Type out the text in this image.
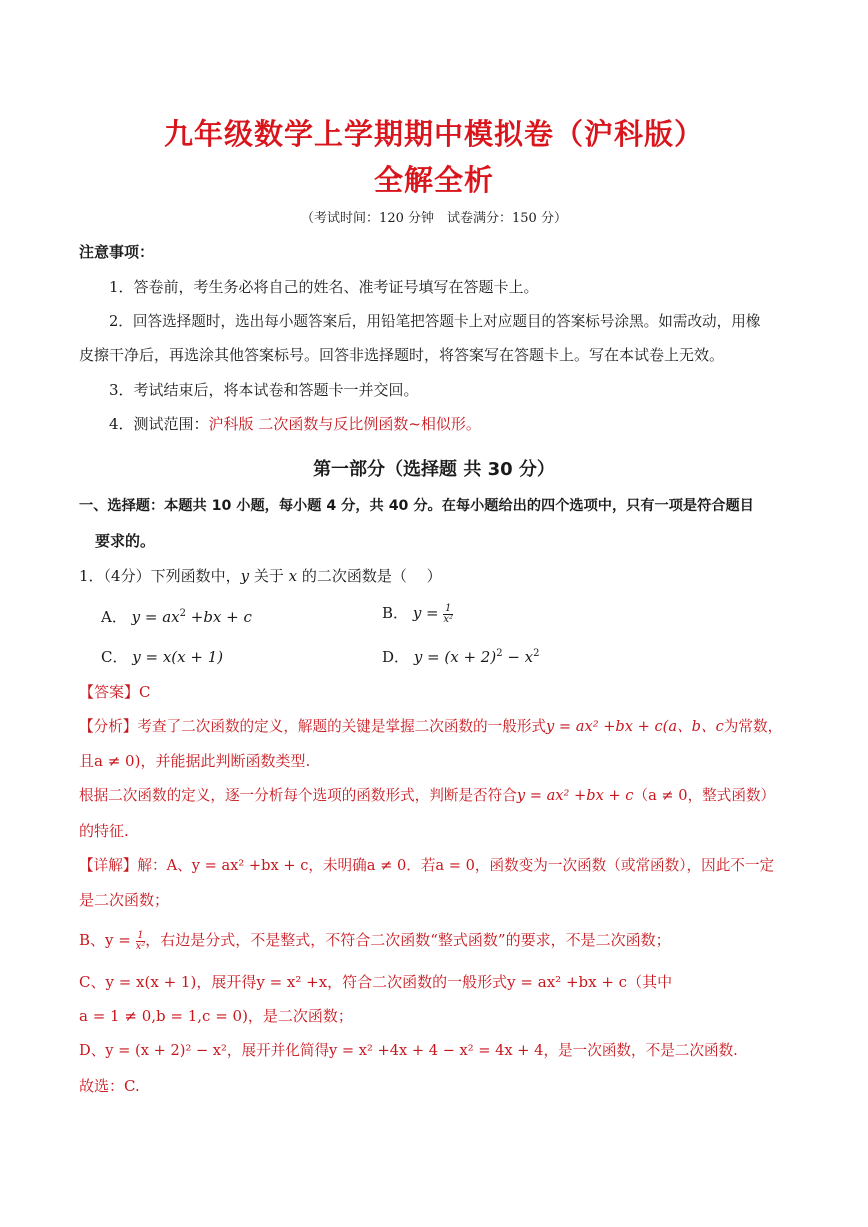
九年级数学上学期期中模拟卷（沪科版）
全解全析
（考试时间：120 分钟　试卷满分：150 分）
注意事项：
1．答卷前，考生务必将自己的姓名、准考证号填写在答题卡上。
2．回答选择题时，选出每小题答案后，用铅笔把答题卡上对应题目的答案标号涂黑。如需改动，用橡
皮擦干净后，再选涂其他答案标号。回答非选择题时，将答案写在答题卡上。写在本试卷上无效。
3．考试结束后，将本试卷和答题卡一并交回。
4．测试范围：沪科版 二次函数与反比例函数~相似形。
第一部分（选择题 共 30 分）
一、选择题：本题共 10 小题，每小题 4 分，共 40 分。在每小题给出的四个选项中，只有一项是符合题目
要求的。
1．（4分）下列函数中，y 关于 x 的二次函数是（　 ）
A． $y = ax^2 +bx + c$	B． $y = \frac{1}{\text{x²}}$
C． y = x(x + 1)	D． $y = (x + 2)^2 - x^2$
【答案】C
【分析】考查了二次函数的定义，解题的关键是掌握二次函数的一般形式y = ax² +bx + c(a、b、c为常数，
且a ≠ 0)，并能据此判断函数类型.
根据二次函数的定义，逐一分析每个选项的函数形式，判断是否符合y = ax² +bx + c（a ≠ 0，整式函数）
的特征.
【详解】解：A、y = ax² +bx + c，未明确a ≠ 0．若a = 0，函数变为一次函数（或常函数），因此不一定
是二次函数；
B、$y = \frac{1}{\text{x²}}$ ，右边是分式，不是整式，不符合二次函数“整式函数”的要求，不是二次函数；
C、y = x(x + 1)，展开得y = x² +x，符合二次函数的一般形式y = ax² +bx + c（其中
a = 1 ≠ 0,b = 1,c = 0)，是二次函数；
D、y = (x + 2)² − x²，展开并化简得y = x² +4x + 4 − x² = 4x + 4，是一次函数，不是二次函数.
故选：C.
